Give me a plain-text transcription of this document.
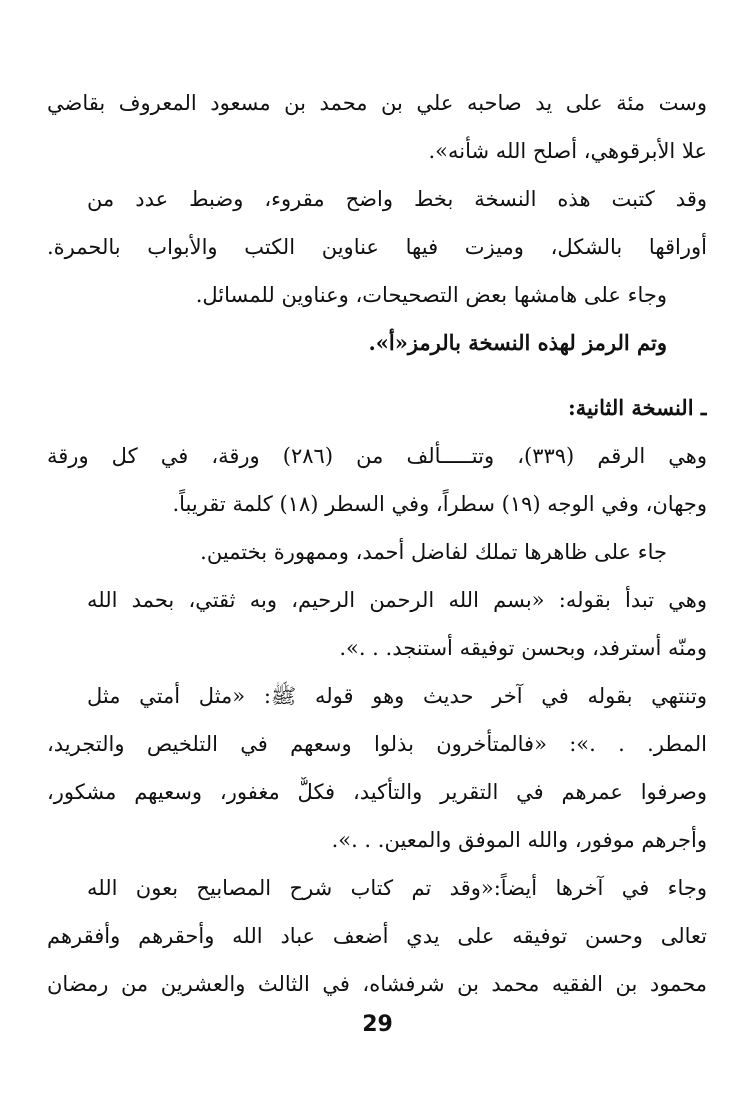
وست مئة على يد صاحبه علي بن محمد بن مسعود المعروف بقاضي
علا الأبرقوهي، أصلح الله شأنه».
وقد كتبت هذه النسخة بخط واضح مقروء، وضبط عدد من
أوراقها بالشكل، وميزت فيها عناوين الكتب والأبواب بالحمرة.
وجاء على هامشها بعض التصحيحات، وعناوين للمسائل.
وتم الرمز لهذه النسخة بالرمز«أ».
ـ النسخة الثانية:
وهي الرقم (٣٣٩)، وتتـــــألف من (٢٨٦) ورقة، في كل ورقة
وجهان، وفي الوجه (١٩) سطراً، وفي السطر (١٨) كلمة تقريباً.
جاء على ظاهرها تملك لفاضل أحمد، وممهورة بختمين.
وهي تبدأ بقوله: «بسم الله الرحمن الرحيم، وبه ثقتي، بحمد الله
ومنّه أسترفد، وبحسن توفيقه أستنجد. . .».
وتنتهي بقوله في آخر حديث وهو قوله ﷺ: «مثل أمتي مثل
المطر. . .»: «فالمتأخرون بذلوا وسعهم في التلخيص والتجريد،
وصرفوا عمرهم في التقرير والتأكيد، فكلٌّ مغفور، وسعيهم مشكور،
وأجرهم موفور، والله الموفق والمعين. . .».
وجاء في آخرها أيضاً:«وقد تم كتاب شرح المصابيح بعون الله
تعالى وحسن توفيقه على يدي أضعف عباد الله وأحقرهم وأفقرهم
محمود بن الفقيه محمد بن شرفشاه، في الثالث والعشرين من رمضان
29
